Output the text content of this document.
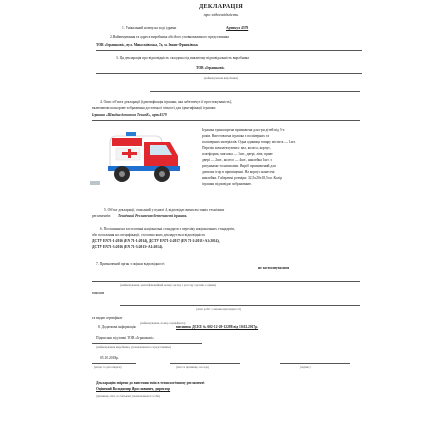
ДЕКЛАРАЦІЯ
про відповідність
1. Унікальний номер на ході ідрами	Артикул 4579
2.Найменування та адреса виробника або його уповноваженого представника
ТОВ «Іграшкові», вул. Миколаївська, 7а, м. Івано-Франківськ
3. Ця декларація про відповідність складена під виключну відповідальність виробника
ТОВ «Іграшкові»
(найменування виробника)
4. Опис об'єкта декларації (ідентифікація іграшки, яка забезпечує її простежуваність),
включаючи кольорове зображення достатньої чіткості для ідентифікації іграшки
Іграшка «Швидка допомога ТехноК», арт.4579
Іграшка транспортна призначена для гри дітей від 3-х
років. Виготовлена іграшка з полімерних та
полімерних матеріалів. Одна одиниця товару містить — 1шт.
Перелік комплектуючих: вал, колеса, корпус,
платформа, мигалка — 1шт., двері, ліве, праве
двері — 2шт., колесо — 4шт., наклейка 1шт. з
рисунками та написами. Виріб призначений для
дитячих ігор в приміщенні. На корпус нанесені
наклейки. Габаритні розміри: 32,5х20х18,5см. Колір
іграшки відповідає зображенню.
5. Об'єкт декларації, описаний у пункті 4, відповідає вимогам таких технічних
регламентів: Технічний Регламент безпечності іграшок.
6. Посилання на застосовані національні стандарти з переліку національних стандартів,
або посилання на специфікації, стосовно яких декларується відповідність
ДСТУ EN71-1:2016 (EN 71-1:2014), ДСТУ EN71-2:2017 (EN 71-2:2011+A1:2014),
ДСТУ EN71-3:2016 (EN 71-3:2013+A1:2014).
7. Призначений орган з оцінки відповідності
не застосовувалися
(найменування, ідентифікаційний номер органу з реєстру органів з оцінки)
виконав
(опис робіт з оцінки відповідності)
та видав сертифікат
(найменування, номер сертифіката)
8. Додаткова інформація:	висновок ДСЕЕ № 602-12-20-12288 від 10.02.2017р.
Підписано від імені ТОВ «Іграшкові»
(найменування виробника, уповноваженого представника)
05.10.2018р.
(місце та дата видачі)	(ім'я та прізвище, посада)	(підпис)
Декларацію звірено до внесення змін в технологічному регламенті
Оцінений Володимир Ярославович, директор
(прізвище, ім'я, по батькові уповноваженої особи)
